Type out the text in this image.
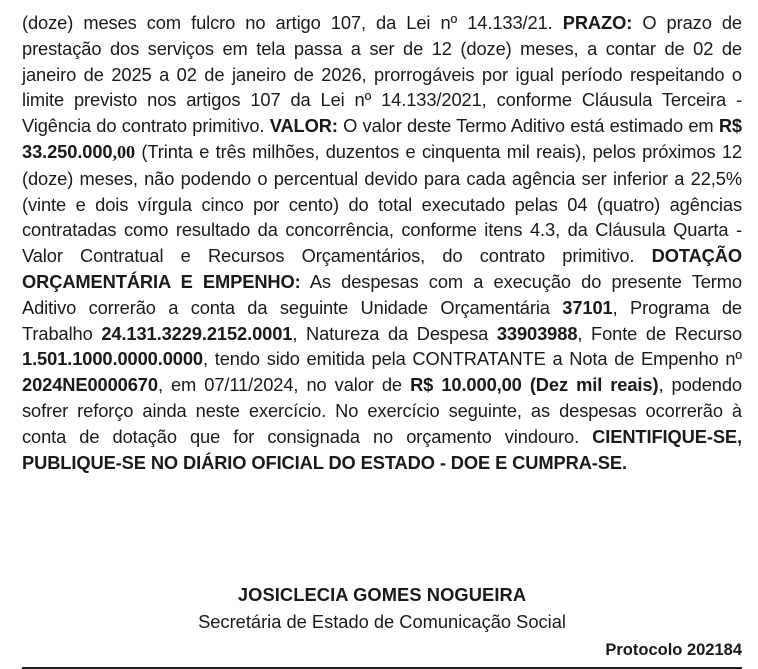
(doze) meses com fulcro no artigo 107, da Lei nº 14.133/21. PRAZO: O prazo de prestação dos serviços em tela passa a ser de 12 (doze) meses, a contar de 02 de janeiro de 2025 a 02 de janeiro de 2026, prorrogáveis por igual período respeitando o limite previsto nos artigos 107 da Lei nº 14.133/2021, conforme Cláusula Terceira - Vigência do contrato primitivo. VALOR: O valor deste Termo Aditivo está estimado em R$ 33.250.000,00 (Trinta e três milhões, duzentos e cinquenta mil reais), pelos próximos 12 (doze) meses, não podendo o percentual devido para cada agência ser inferior a 22,5% (vinte e dois vírgula cinco por cento) do total executado pelas 04 (quatro) agências contratadas como resultado da concorrência, conforme itens 4.3, da Cláusula Quarta - Valor Contratual e Recursos Orçamentários, do contrato primitivo. DOTAÇÃO ORÇAMENTÁRIA E EMPENHO: As despesas com a execução do presente Termo Aditivo correrão a conta da seguinte Unidade Orçamentária 37101, Programa de Trabalho 24.131.3229.2152.0001, Natureza da Despesa 33903988, Fonte de Recurso 1.501.1000.0000.0000, tendo sido emitida pela CONTRATANTE a Nota de Empenho nº 2024NE0000670, em 07/11/2024, no valor de R$ 10.000,00 (Dez mil reais), podendo sofrer reforço ainda neste exercício. No exercício seguinte, as despesas ocorrerão à conta de dotação que for consignada no orçamento vindouro. CIENTIFIQUE-SE, PUBLIQUE-SE NO DIÁRIO OFICIAL DO ESTADO - DOE E CUMPRA-SE.

JOSICLECIA GOMES NOGUEIRA
Secretária de Estado de Comunicação Social
Protocolo 202184
